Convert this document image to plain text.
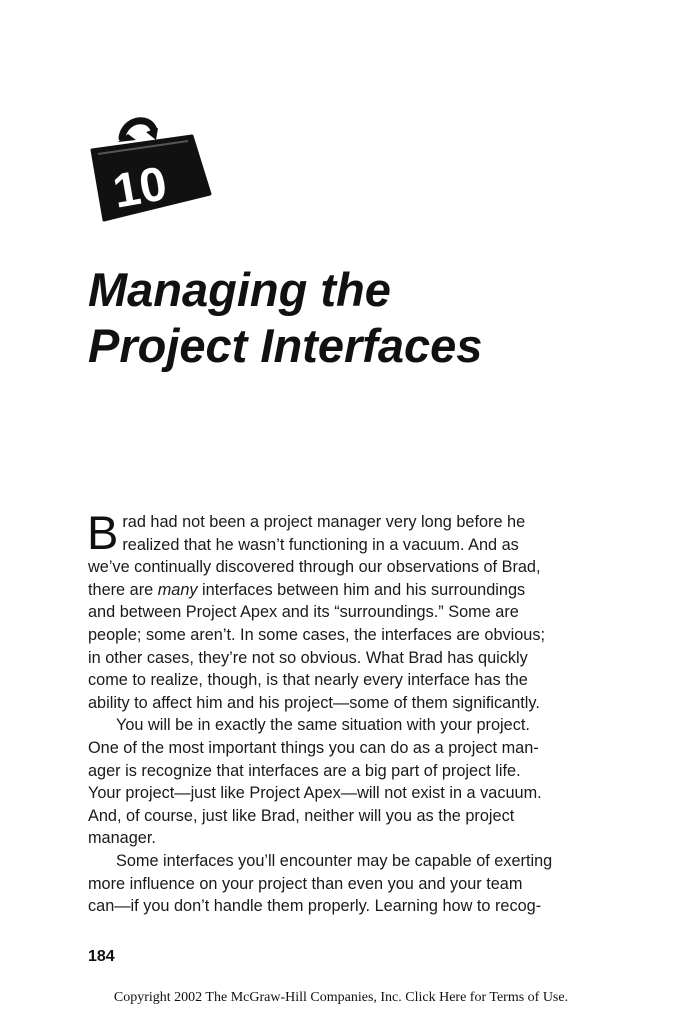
10
Managing the
Project Interfaces
B rad had not been a project manager very long before he
realized that he wasn’t functioning in a vacuum. And as
we’ve continually discovered through our observations of Brad,
there are many interfaces between him and his surroundings
and between Project Apex and its “surroundings.” Some are
people; some aren’t. In some cases, the interfaces are obvious;
in other cases, they’re not so obvious. What Brad has quickly
come to realize, though, is that nearly every interface has the
ability to affect him and his project—some of them significantly.
You will be in exactly the same situation with your project.
One of the most important things you can do as a project man-
ager is recognize that interfaces are a big part of project life.
Your project—just like Project Apex—will not exist in a vacuum.
And, of course, just like Brad, neither will you as the project
manager.
Some interfaces you’ll encounter may be capable of exerting
more influence on your project than even you and your team
can—if you don’t handle them properly. Learning how to recog-
184
Copyright 2002 The McGraw-Hill Companies, Inc. Click Here for Terms of Use.
